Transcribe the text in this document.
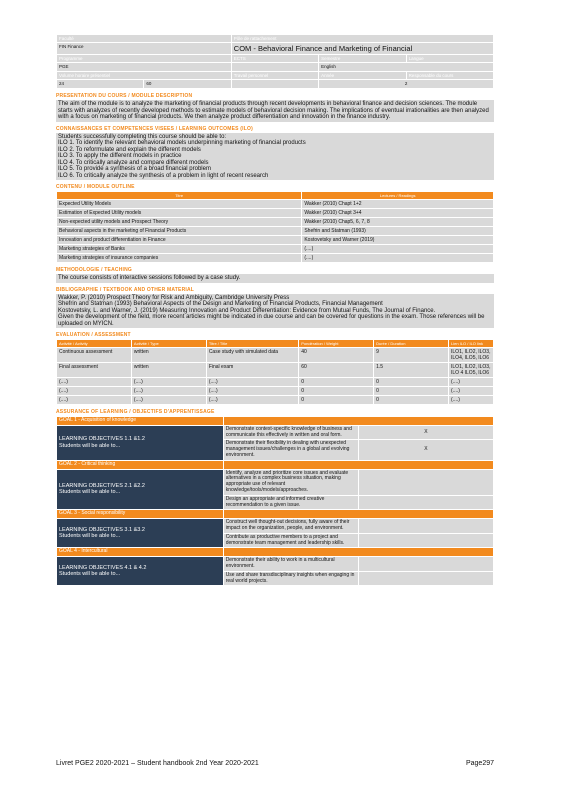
Faculté		Pôle de rattachement		
FIN Finance		COM - Behavioral Finance and Marketing of Financial		
Programme		ECTS	Semestre	Langue
PGE			English	
Volume horaire présentiel		Travail personnel	Année	Responsable du cours
24	60		2	
PRESENTATION DU COURS / MODULE DESCRIPTION
The aim of the module is to analyze the marketing of financial products through recent developments in behavioral finance and decision sciences. The module starts with analyzes of recently developed methods to estimate models of behavioral decision making. The implications of eventual irrationalities are then analyzed with a focus on marketing of financial products. We then analyze product differentiation and innovation in the finance industry.
CONNAISSANCES ET COMPETENCES VISEES / LEARNING OUTCOMES (ILO)
Students successfully completing this course should be able to:
ILO 1. To identify the relevant behavioral models underpinning marketing of financial products
ILO 2. To reformulate and explain the different models
ILO 3. To apply the different models in practice
ILO 4. To critically analyze and compare different models
ILO 5. To provide a synthesis of a broad financial problem
ILO 6. To critically analyze the synthesis of a problem in light of recent research
CONTENU / MODULE OUTLINE
Titre	Lectures / Readings
Expected Utility Models	Wakker (2010) Chapt 1+2
Estimation of Expected Utility models	Wakker (2010) Chapt 3+4
Non-expected utility models and Prospect Theory	Wakker (2010) Chap5, 6, 7, 8
Behavioral aspects in the marketing of Financial Products	Shefrin and Statman (1993)
Innovation and product differentiation in Finance	Kostovetsky and Warner (2019)
Marketing strategies of Banks	(....)
Marketing strategies of insurance companies	(....)
METHODOLOGIE / TEACHING
The course consists of interactive sessions followed by a case study.
BIBLIOGRAPHIE / TEXTBOOK AND OTHER MATERIAL
Wakker, P. (2010) Prospect Theory for Risk and Ambiguity, Cambridge University Press
Shefrin and Statman (1993) Behavioral Aspects of the Design and Marketing of Financial Products, Financial Management
Kostovetsky, L. and Warner, J. (2019) Measuring Innovation and Product Differentiation: Evidence from Mutual Funds, The Journal of Finance.
Given the development of the field, more recent articles might be indicated in due course and can be covered for questions in the exam. Those references will be uploaded on MYICN.
EVALUATION / ASSESSMENT
Activité / Activity	Activité / Type	Titre / Title	Pondération / Weight	Durée / Duration	Lien ILO / ILO link
Continuous assessment	written	Case study with simulated data	40	9	ILO1, ILO2, ILO3, ILO4, ILO5, ILO6
Final assessment	written	Final exam	60	1.5	ILO1, ILO2, ILO3, ILO 4 ILO5, ILO6
(....)	(....)	(....)	0	0	(....)
(....)	(....)	(....)	0	0	(....)
(....)	(....)	(....)	0	0	(....)
ASSURANCE OF LEARNING / OBJECTIFS D'APPRENTISSAGE
GOAL 1 - Acquisition of knowledge		
LEARNING OBJECTIVES 1.1 &1.2
Students will be able to...	Demonstrate context-specific knowledge of business and communicate this effectively in written and oral form.	X
	Demonstrate their flexibility in dealing with unexpected management issues/challenges in a global and evolving environment.	X
GOAL 2 - Critical thinking		
LEARNING OBJECTIVES 2.1 &2.2
Students will be able to...	Identify, analyze and prioritize core issues and evaluate alternatives in a complex business situation, making appropriate use of relevant knowledge/tools/models/approaches.	
	Design an appropriate and informed creative recommendation to a given issue.	
GOAL 3 - Social responsibility		
LEARNING OBJECTIVES 3.1 &3.2
Students will be able to...	Construct well thought-out decisions, fully aware of their impact on the organization, people, and environment.	
	Contribute as productive members to a project and demonstrate team management and leadership skills.	
GOAL 4 - Intercultural		
LEARNING OBJECTIVES 4.1 & 4.2
Students will be able to...	Demonstrate their ability to work in a multicultural environment.	
	Use and share transdisciplinary insights when engaging in real world projects.	
Livret PGE2 2020-2021 – Student handbook 2nd Year 2020-2021	Page297
